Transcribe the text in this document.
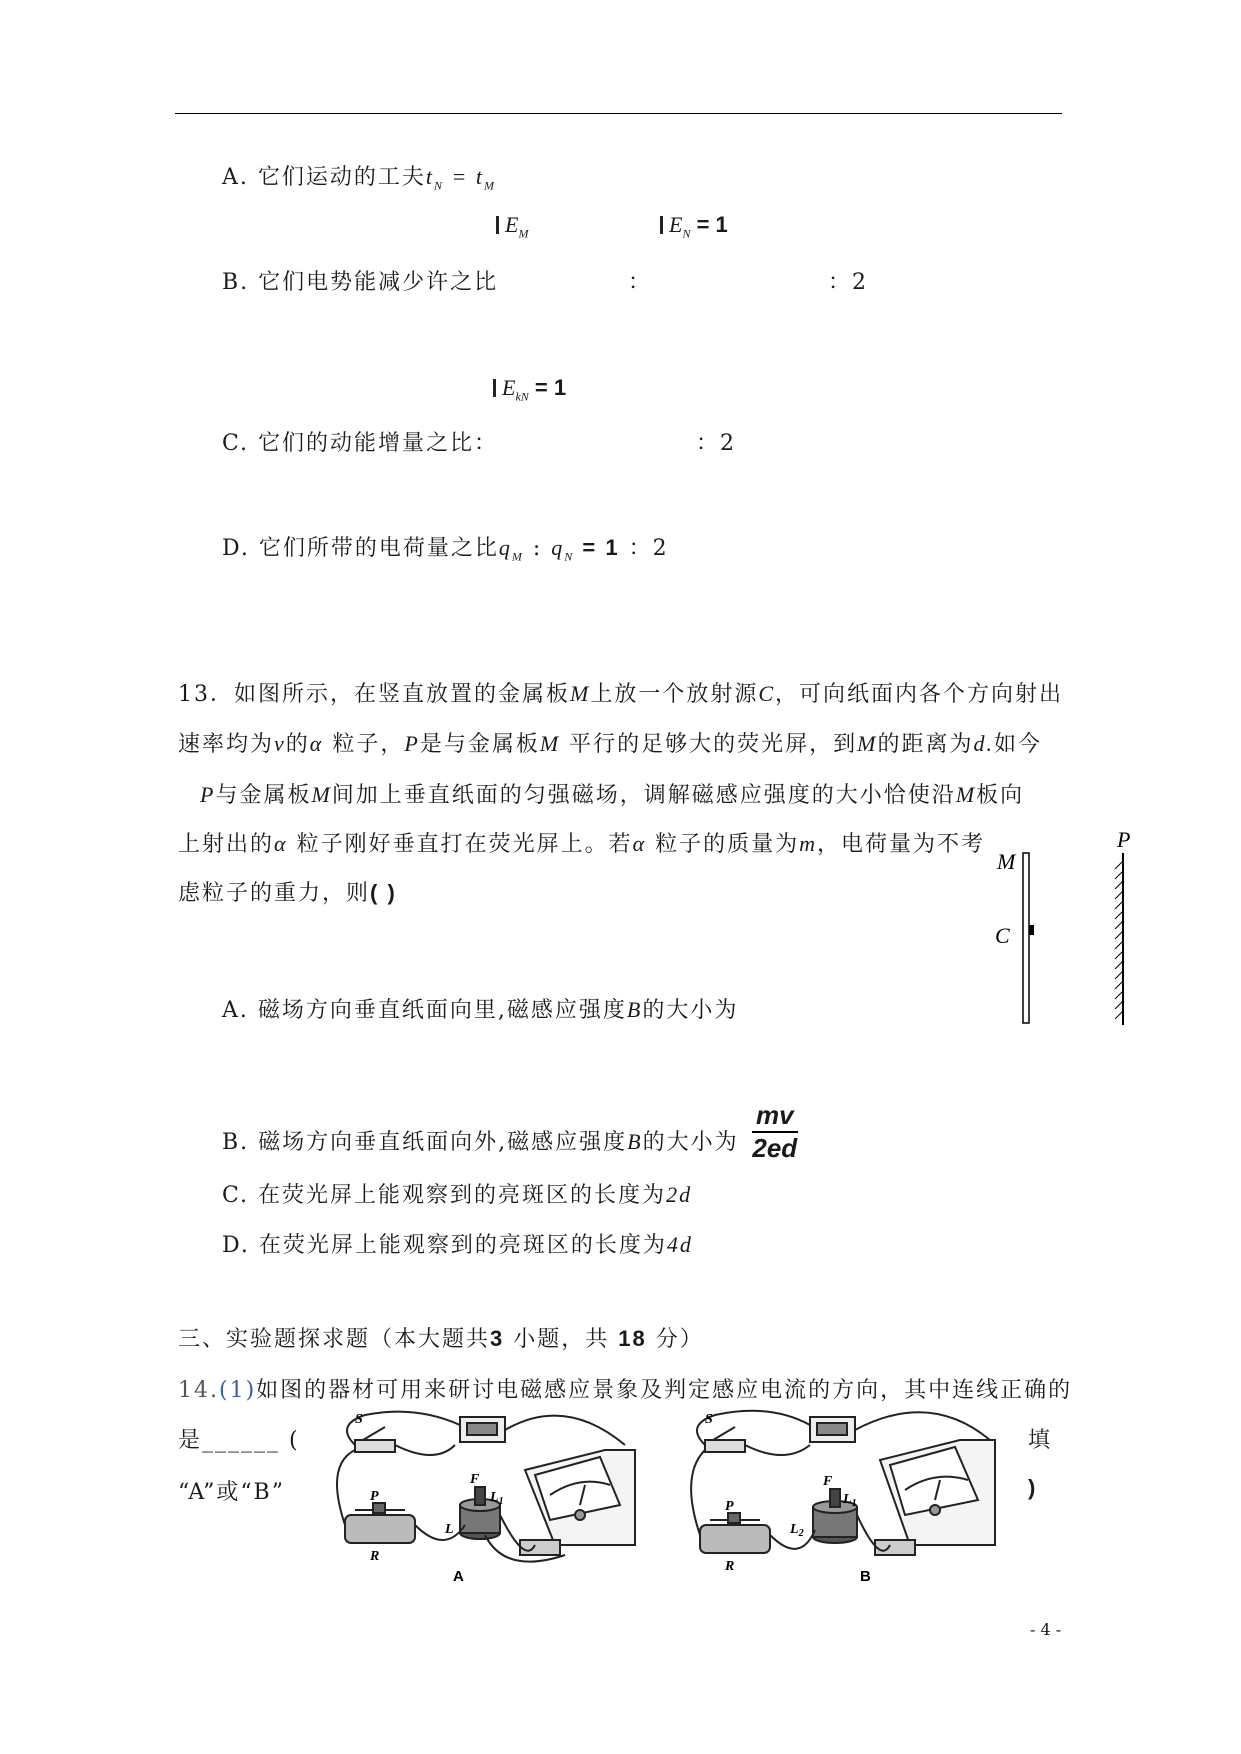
A. 它们运动的工夫$t_N = t_M$
$E_M$	$E_N = 1$
B. 它们电势能减少许之比	：	：2
$E_{kN} = 1$
C. 它们的动能增量之比：	：2
D. 它们所带的电荷量之比$q_M$ : $q_N = 1$ ：2
13．如图所示，在竖直放置的金属板M上放一个放射源C，可向纸面内各个方向射出
速率均为v的α 粒子，P是与金属板M 平行的足够大的荧光屏，到M的距离为d.如今
P与金属板M间加上垂直纸面的匀强磁场，调解磁感应强度的大小恰使沿M板向
上射出的α 粒子刚好垂直打在荧光屏上。若α 粒子的质量为m，电荷量为不考
虑粒子的重力，则( )
M
C
P
A. 磁场方向垂直纸面向里,磁感应强度B的大小为
B. 磁场方向垂直纸面向外,磁感应强度B的大小为
mv
2ed
C. 在荧光屏上能观察到的亮斑区的长度为2d
D. 在荧光屏上能观察到的亮斑区的长度为4d
三、实验题探求题（本大题共3 小题，共 18 分）
14.(1)如图的器材可用来研讨电磁感应景象及判定感应电流的方向，其中连线正确的
是______ (	填
“A”或“B”	)
S
F
P
R
$L_1$
L
A
S
F
P
R
$L_1$
$L_2$
B
- 4 -
